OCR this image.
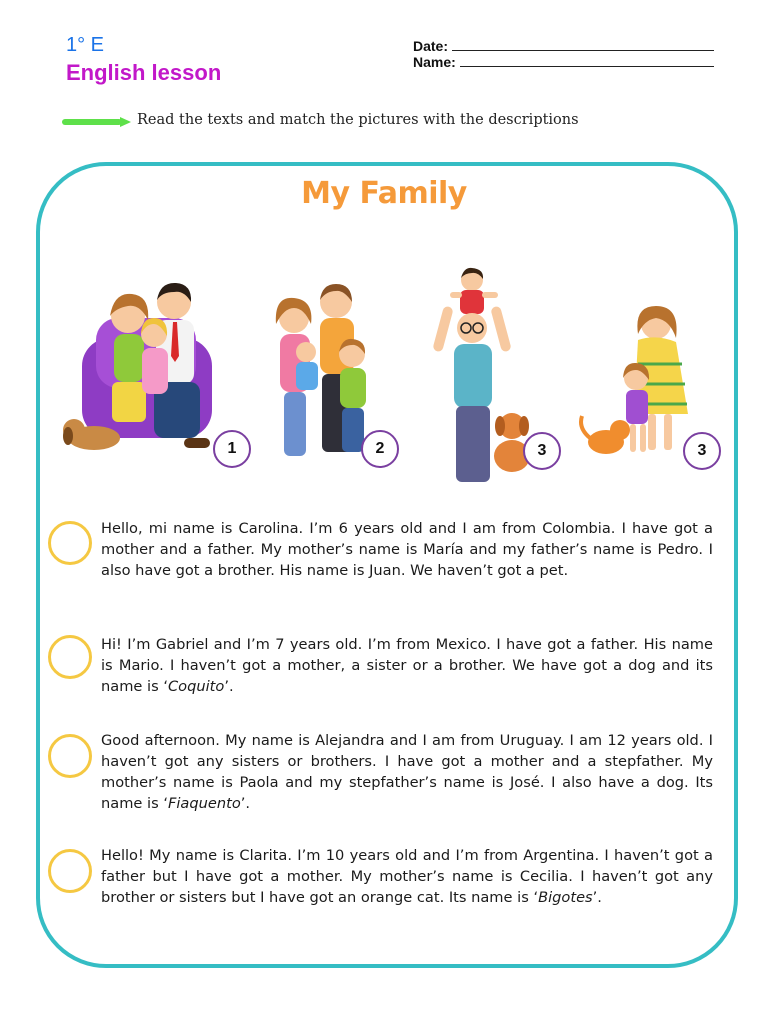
1° E
English lesson
Date:
Name:
Read the texts and match the pictures with the descriptions
My Family
1	2	3	3

Hello, mi name is Carolina. I’m 6 years old and I am from Colombia. I have got a mother and a father. My mother’s name is María and my father’s name is Pedro. I also have got a brother. His name is Juan. We haven’t got a pet.

Hi! I’m Gabriel and I’m 7 years old. I’m from Mexico. I have got a father. His name is Mario. I haven’t got a mother, a sister or a brother. We have got a dog and its name is ‘Coquito’.

Good afternoon. My name is Alejandra and I am from Uruguay. I am 12 years old. I haven’t got any sisters or brothers. I have got a mother and a stepfather. My mother’s name is Paola and my stepfather’s name is José. I also have a dog. Its name is ‘Fiaquento’.

Hello! My name is Clarita. I’m 10 years old and I’m from Argentina. I haven’t got a father but I have got a mother. My mother’s name is Cecilia. I haven’t got any brother or sisters but I have got an orange cat. Its name is ‘Bigotes’.
